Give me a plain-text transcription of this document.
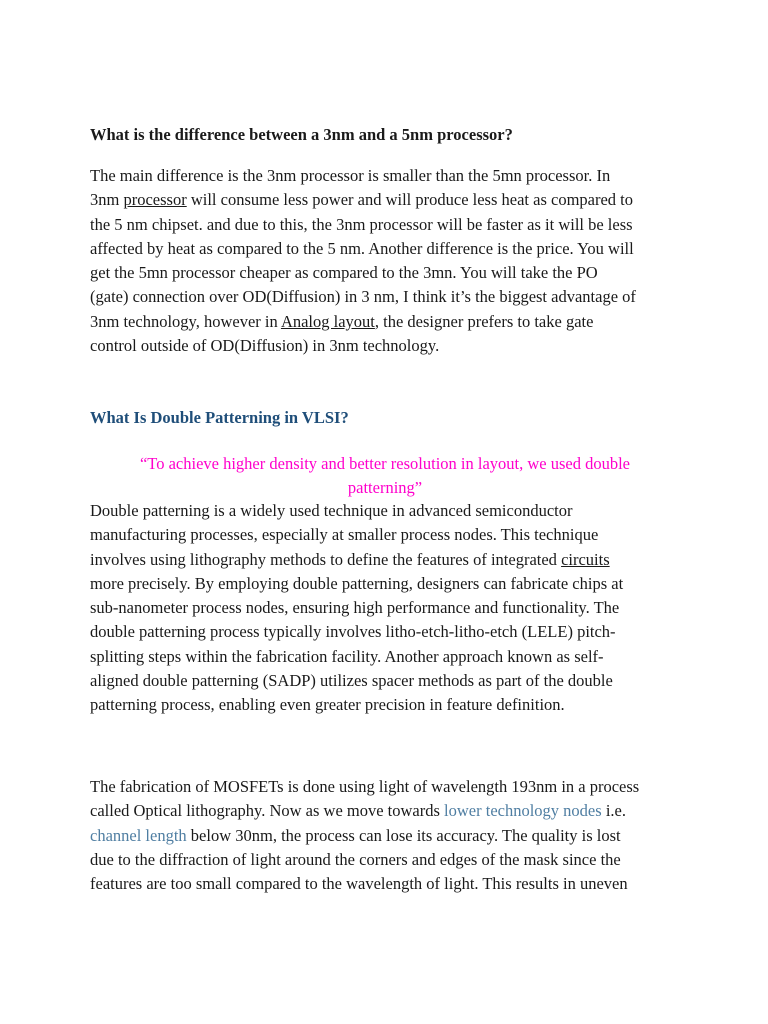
What is the difference between a 3nm and a 5nm processor?

The main difference is the 3nm processor is smaller than the 5mn processor. In
3nm processor will consume less power and will produce less heat as compared to
the 5 nm chipset. and due to this, the 3nm processor will be faster as it will be less
affected by heat as compared to the 5 nm. Another difference is the price. You will
get the 5mn processor cheaper as compared to the 3mn. You will take the PO
(gate) connection over OD(Diffusion) in 3 nm, I think it’s the biggest advantage of
3nm technology, however in Analog layout, the designer prefers to take gate
control outside of OD(Diffusion) in 3nm technology.

What Is Double Patterning in VLSI?
“To achieve higher density and better resolution in layout, we used double
patterning”

Double patterning is a widely used technique in advanced semiconductor
manufacturing processes, especially at smaller process nodes. This technique
involves using lithography methods to define the features of integrated circuits
more precisely. By employing double patterning, designers can fabricate chips at
sub-nanometer process nodes, ensuring high performance and functionality. The
double patterning process typically involves litho-etch-litho-etch (LELE) pitch-
splitting steps within the fabrication facility. Another approach known as self-
aligned double patterning (SADP) utilizes spacer methods as part of the double
patterning process, enabling even greater precision in feature definition.

The fabrication of MOSFETs is done using light of wavelength 193nm in a process
called Optical lithography. Now as we move towards lower technology nodes i.e.
channel length below 30nm, the process can lose its accuracy. The quality is lost
due to the diffraction of light around the corners and edges of the mask since the
features are too small compared to the wavelength of light. This results in uneven
